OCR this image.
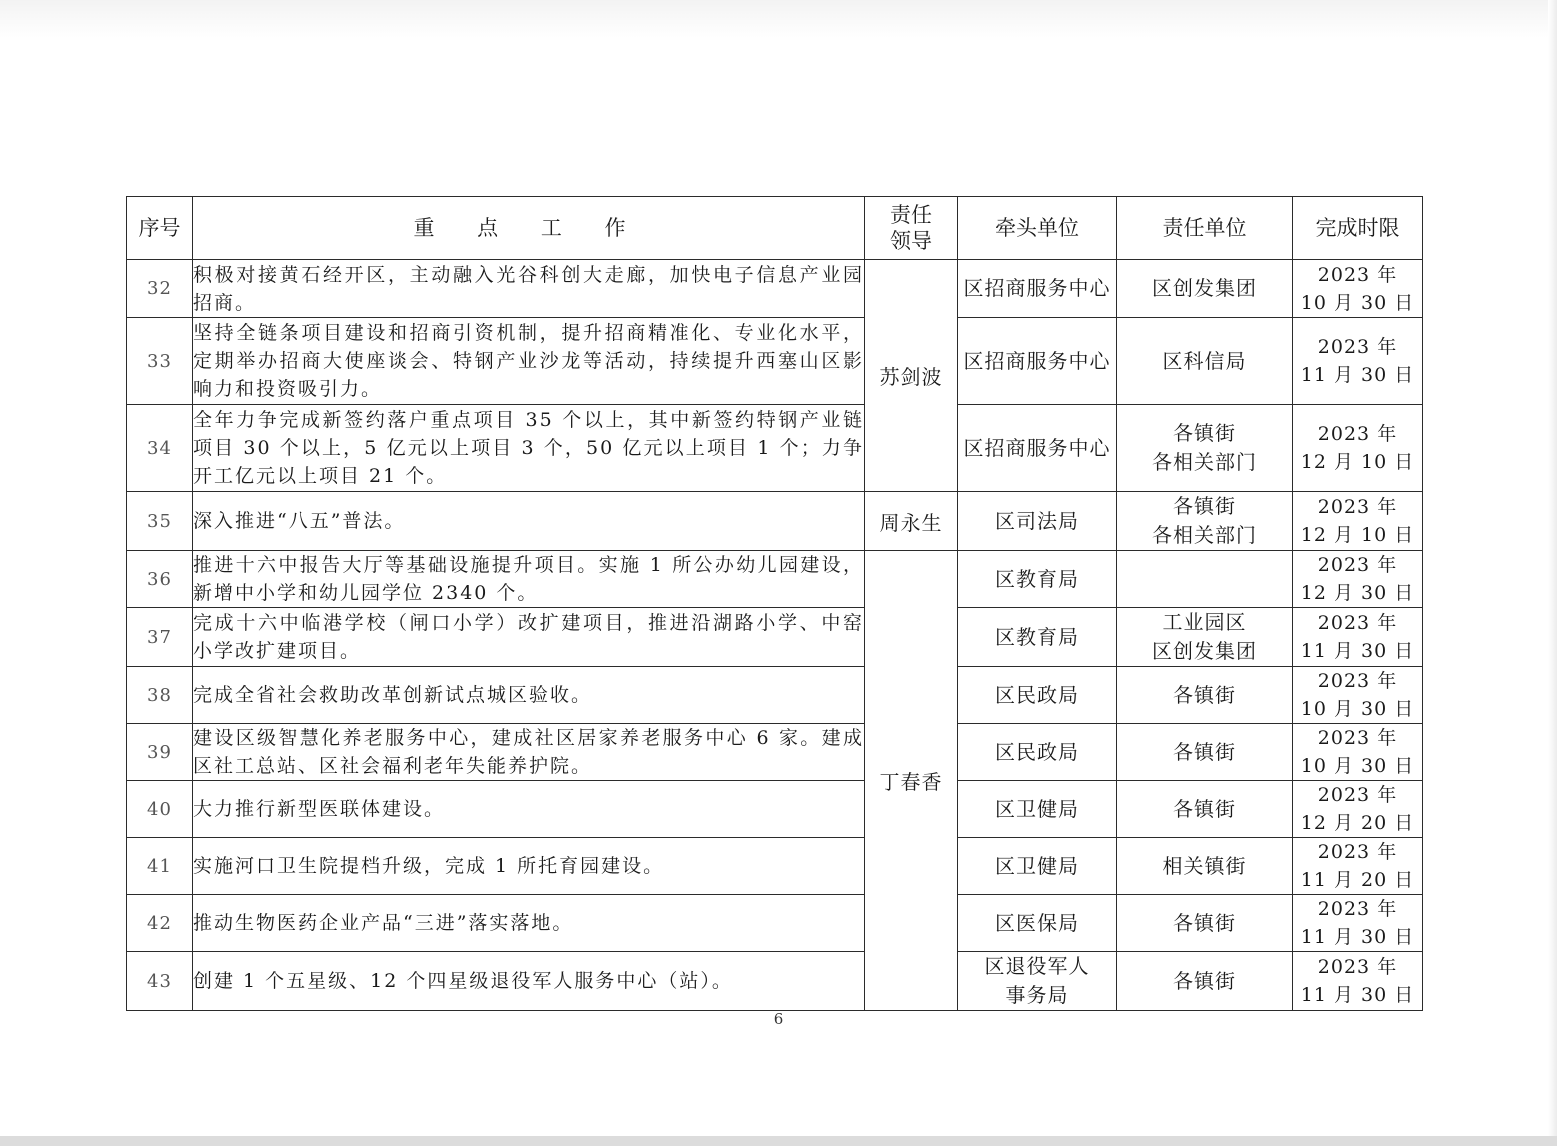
序号	重 点 工 作	责任
领导	牵头单位	责任单位	完成时限
32	积极对接黄石经开区，主动融入光谷科创大走廊，加快电子信息产业园招商。	苏剑波	区招商服务中心	区创发集团	2023 年
10 月 30 日

33	坚持全链条项目建设和招商引资机制，提升招商精准化、专业化水平，定期举办招商大使座谈会、特钢产业沙龙等活动，持续提升西塞山区影响力和投资吸引力。		区招商服务中心	区科信局	2023 年
11 月 30 日

34	全年力争完成新签约落户重点项目 35 个以上，其中新签约特钢产业链项目 30 个以上，5 亿元以上项目 3 个，50 亿元以上项目 1 个；力争开工亿元以上项目 21 个。		区招商服务中心	各镇街
各相关部门	2023 年
12 月 10 日

35	深入推进“八五”普法。	周永生	区司法局	各镇街
各相关部门	2023 年
12 月 10 日

36	推进十六中报告大厅等基础设施提升项目。实施 1 所公办幼儿园建设，新增中小学和幼儿园学位 2340 个。	丁春香	区教育局		2023 年
12 月 30 日

37	完成十六中临港学校（闸口小学）改扩建项目，推进沿湖路小学、中窑小学改扩建项目。		区教育局	工业园区
区创发集团	2023 年
11 月 30 日

38	完成全省社会救助改革创新试点城区验收。		区民政局	各镇街	2023 年
10 月 30 日

39	建设区级智慧化养老服务中心，建成社区居家养老服务中心 6 家。建成区社工总站、区社会福利老年失能养护院。		区民政局	各镇街	2023 年
10 月 30 日

40	大力推行新型医联体建设。		区卫健局	各镇街	2023 年
12 月 20 日

41	实施河口卫生院提档升级，完成 1 所托育园建设。		区卫健局	相关镇街	2023 年
11 月 20 日

42	推动生物医药企业产品“三进”落实落地。		区医保局	各镇街	2023 年
11 月 30 日

43	创建 1 个五星级、12 个四星级退役军人服务中心（站）。		区退役军人
事务局	各镇街	2023 年
11 月 30 日
6
